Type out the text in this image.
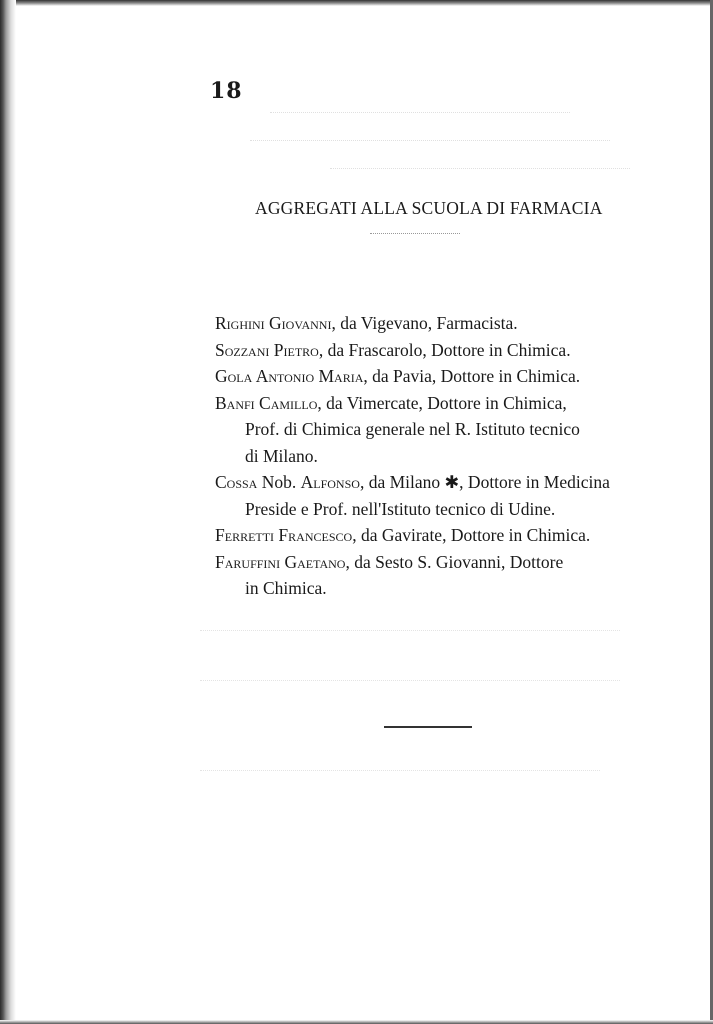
18
AGGREGATI ALLA SCUOLA DI FARMACIA
Righini Giovanni, da Vigevano, Farmacista.
Sozzani Pietro, da Frascarolo, Dottore in Chimica.
Gola Antonio Maria, da Pavia, Dottore in Chimica.
Banfi Camillo, da Vimercate, Dottore in Chimica,
Prof. di Chimica generale nel R. Istituto tecnico
di Milano.
Cossa Nob. Alfonso, da Milano ✱, Dottore in Medicina
Preside e Prof. nell'Istituto tecnico di Udine.
Ferretti Francesco, da Gavirate, Dottore in Chimica.
Faruffini Gaetano, da Sesto S. Giovanni, Dottore
in Chimica.
